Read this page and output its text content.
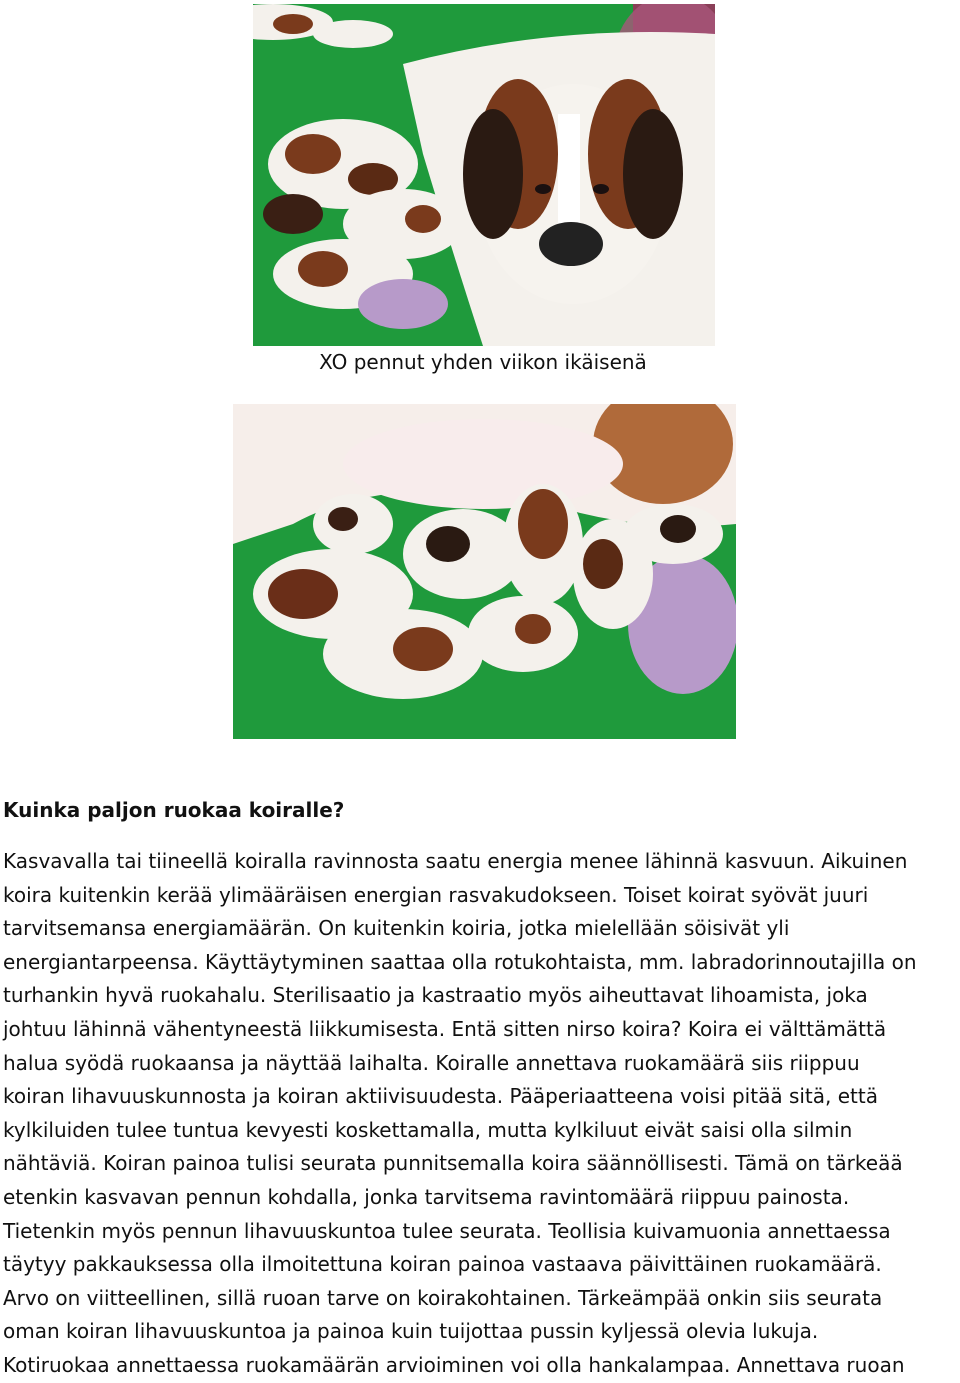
XO pennut yhden viikon ikäisenä

Kuinka paljon ruokaa koiralle?

Kasvavalla tai tiineellä koiralla ravinnosta saatu energia menee lähinnä kasvuun. Aikuinen
koira kuitenkin kerää ylimääräisen energian rasvakudokseen. Toiset koirat syövät juuri
tarvitsemansa energiamäärän. On kuitenkin koiria, jotka mielellään söisivät yli
energiantarpeensa. Käyttäytyminen saattaa olla rotukohtaista, mm. labradorinnoutajilla on
turhankin hyvä ruokahalu. Sterilisaatio ja kastraatio myös aiheuttavat lihoamista, joka
johtuu lähinnä vähentyneestä liikkumisesta. Entä sitten nirso koira? Koira ei välttämättä
halua syödä ruokaansa ja näyttää laihalta. Koiralle annettava ruokamäärä siis riippuu
koiran lihavuuskunnosta ja koiran aktiivisuudesta. Pääperiaatteena voisi pitää sitä, että
kylkiluiden tulee tuntua kevyesti koskettamalla, mutta kylkiluut eivät saisi olla silmin
nähtäviä. Koiran painoa tulisi seurata punnitsemalla koira säännöllisesti. Tämä on tärkeää
etenkin kasvavan pennun kohdalla, jonka tarvitsema ravintomäärä riippuu painosta.
Tietenkin myös pennun lihavuuskuntoa tulee seurata. Teollisia kuivamuonia annettaessa
täytyy pakkauksessa olla ilmoitettuna koiran painoa vastaava päivittäinen ruokamäärä.
Arvo on viitteellinen, sillä ruoan tarve on koirakohtainen. Tärkeämpää onkin siis seurata
oman koiran lihavuuskuntoa ja painoa kuin tuijottaa pussin kyljessä olevia lukuja.
Kotiruokaa annettaessa ruokamäärän arvioiminen voi olla hankalampaa. Annettava ruoan
